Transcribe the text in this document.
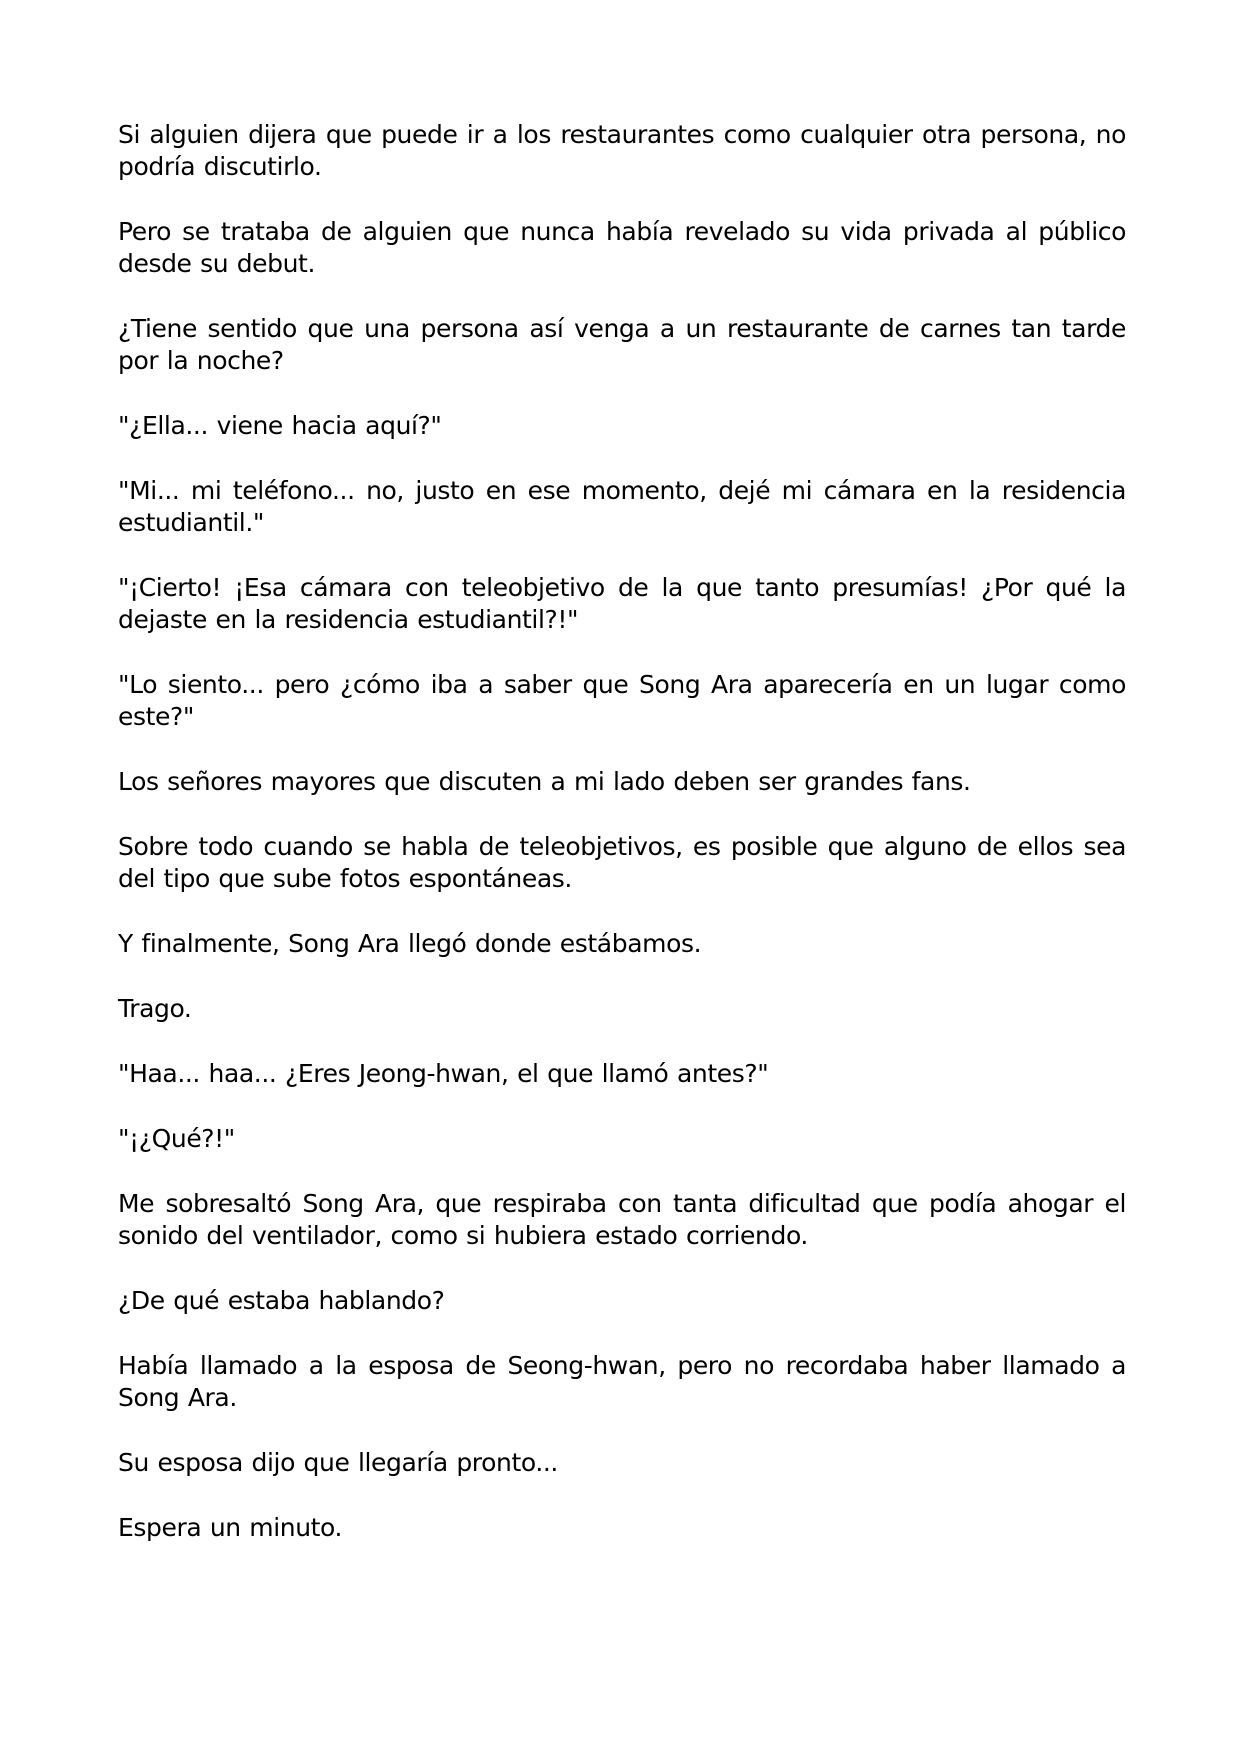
Si alguien dijera que puede ir a los restaurantes como cualquier otra persona, no podría discutirlo.

Pero se trataba de alguien que nunca había revelado su vida privada al público desde su debut.

¿Tiene sentido que una persona así venga a un restaurante de carnes tan tarde por la noche?

"¿Ella... viene hacia aquí?"

"Mi... mi teléfono... no, justo en ese momento, dejé mi cámara en la residencia estudiantil."

"¡Cierto! ¡Esa cámara con teleobjetivo de la que tanto presumías! ¿Por qué la dejaste en la residencia estudiantil?!"

"Lo siento... pero ¿cómo iba a saber que Song Ara aparecería en un lugar como este?"

Los señores mayores que discuten a mi lado deben ser grandes fans.

Sobre todo cuando se habla de teleobjetivos, es posible que alguno de ellos sea del tipo que sube fotos espontáneas.

Y finalmente, Song Ara llegó donde estábamos.

Trago.

"Haa... haa... ¿Eres Jeong-hwan, el que llamó antes?"

"¡¿Qué?!"

Me sobresaltó Song Ara, que respiraba con tanta dificultad que podía ahogar el sonido del ventilador, como si hubiera estado corriendo.

¿De qué estaba hablando?

Había llamado a la esposa de Seong-hwan, pero no recordaba haber llamado a Song Ara.

Su esposa dijo que llegaría pronto...

Espera un minuto.
